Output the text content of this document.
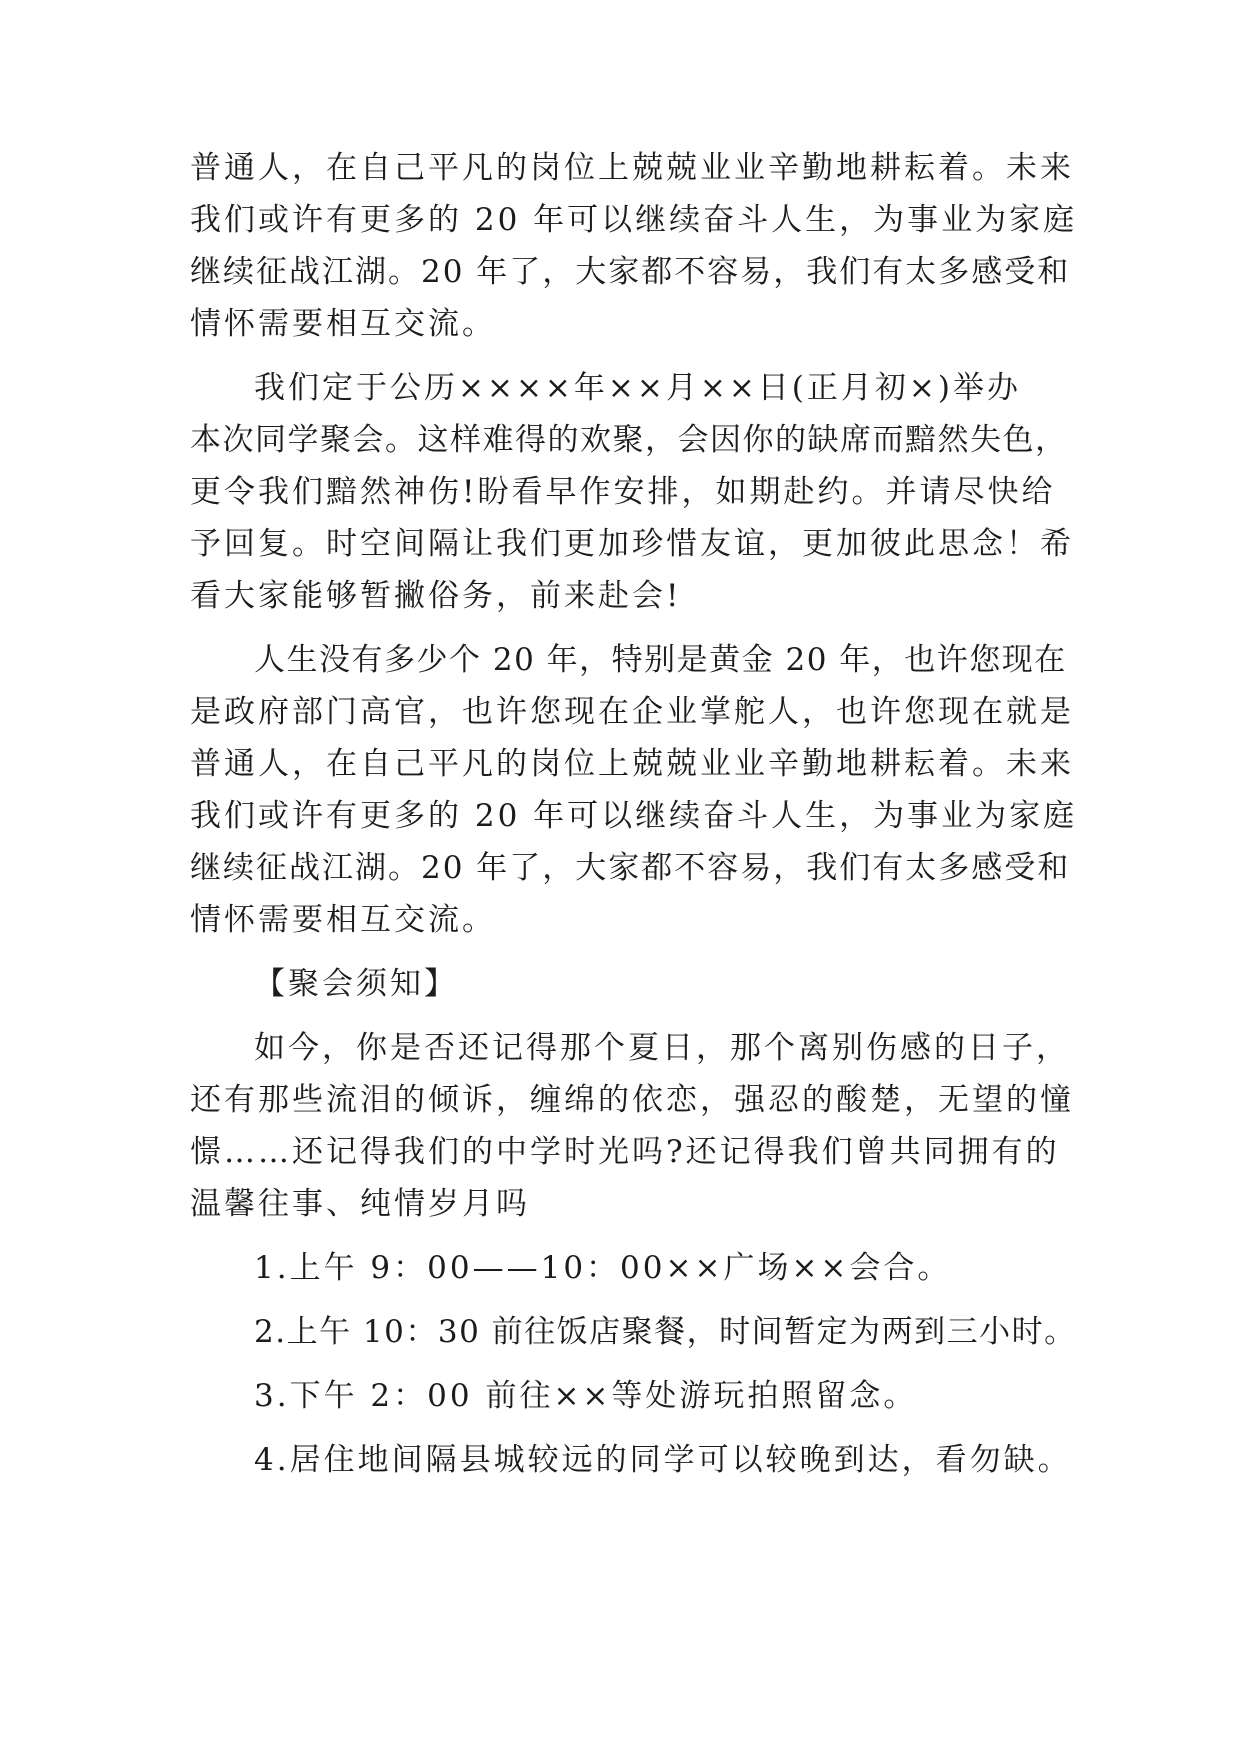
普通人，在自己平凡的岗位上兢兢业业辛勤地耕耘着。未来

我们或许有更多的 20 年可以继续奋斗人生，为事业为家庭

继续征战江湖。20 年了，大家都不容易，我们有太多感受和

情怀需要相互交流。

我们定于公历××××年××月××日(正月初×)举办

本次同学聚会。这样难得的欢聚，会因你的缺席而黯然失色，

更令我们黯然神伤!盼看早作安排，如期赴约。并请尽快给

予回复。时空间隔让我们更加珍惜友谊，更加彼此思念！希

看大家能够暂撇俗务，前来赴会!

人生没有多少个 20 年，特别是黄金 20 年，也许您现在

是政府部门高官，也许您现在企业掌舵人，也许您现在就是

普通人，在自己平凡的岗位上兢兢业业辛勤地耕耘着。未来

我们或许有更多的 20 年可以继续奋斗人生，为事业为家庭

继续征战江湖。20 年了，大家都不容易，我们有太多感受和

情怀需要相互交流。

【聚会须知】

如今，你是否还记得那个夏日，那个离别伤感的日子，

还有那些流泪的倾诉，缠绵的依恋，强忍的酸楚，无望的憧

憬……还记得我们的中学时光吗?还记得我们曾共同拥有的

温馨往事、纯情岁月吗

1.上午 9：00——10：00××广场××会合。

2.上午 10：30 前往饭店聚餐，时间暂定为两到三小时。

3.下午 2：00 前往××等处游玩拍照留念。

4.居住地间隔县城较远的同学可以较晚到达，看勿缺。
